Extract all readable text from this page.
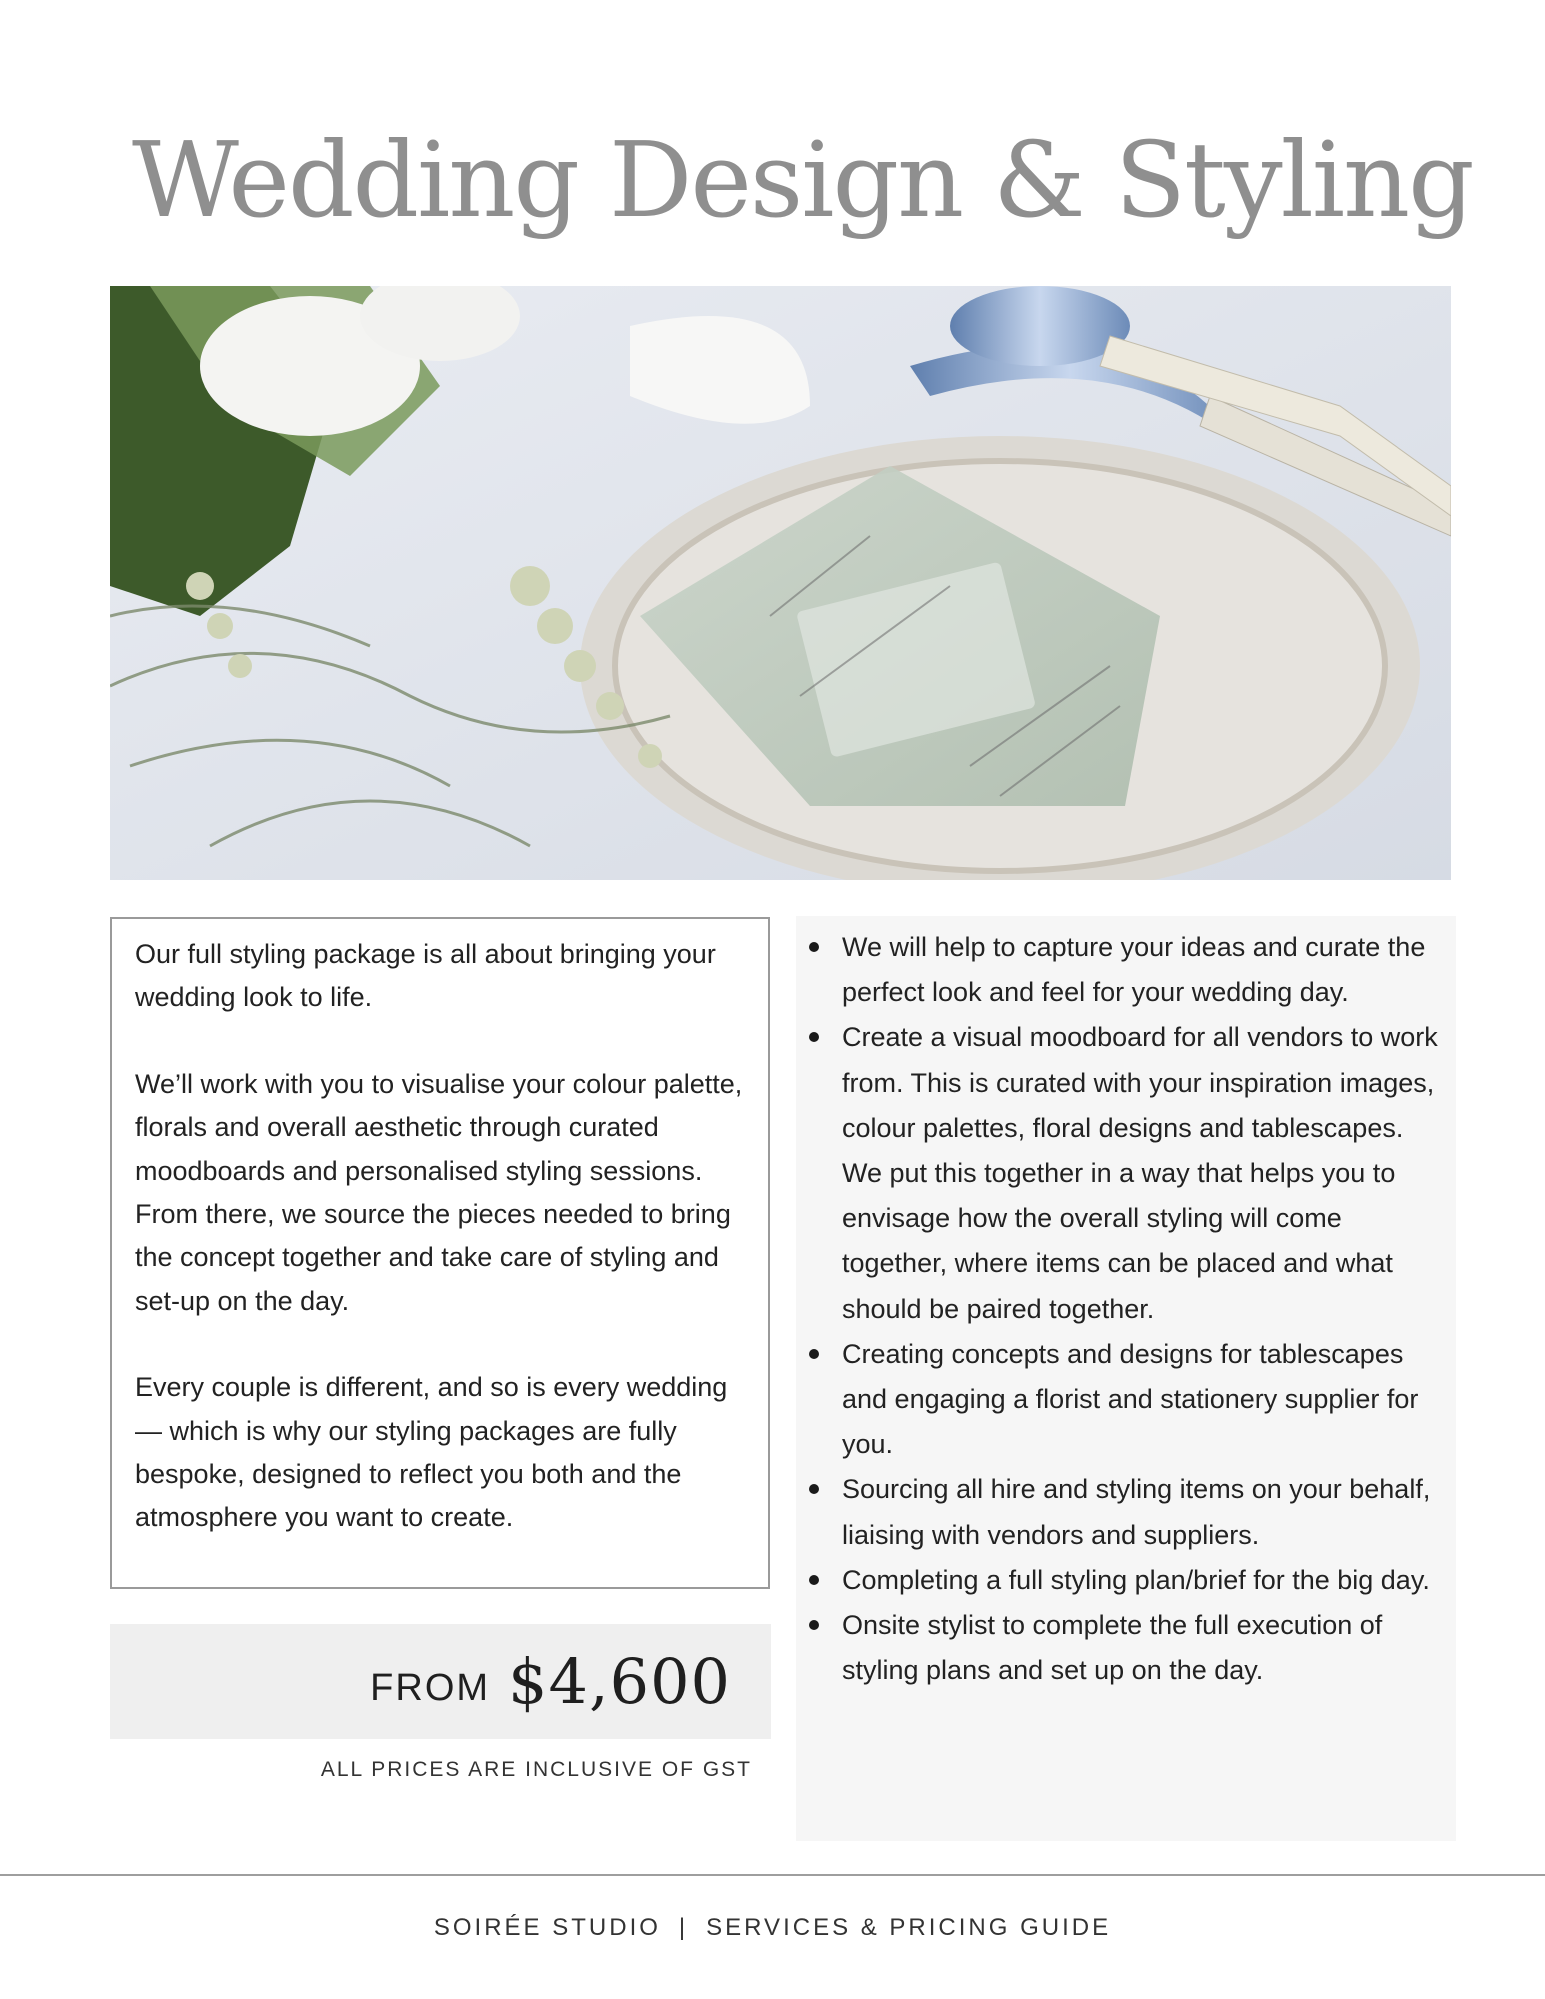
Wedding Design & Styling

Our full styling package is all about bringing your wedding look to life.

We’ll work with you to visualise your colour palette, florals and overall aesthetic through curated moodboards and personalised styling sessions. From there, we source the pieces needed to bring the concept together and take care of styling and set-up on the day.

Every couple is different, and so is every wedding — which is why our styling packages are fully bespoke, designed to reflect you both and the atmosphere you want to create.

FROM $4,600
ALL PRICES ARE INCLUSIVE OF GST
We will help to capture your ideas and curate the perfect look and feel for your wedding day.
Create a visual moodboard for all vendors to work from. This is curated with your inspiration images, colour palettes, floral designs and tablescapes. We put this together in a way that helps you to envisage how the overall styling will come together, where items can be placed and what should be paired together.
Creating concepts and designs for tablescapes and engaging a florist and stationery supplier for you.
Sourcing all hire and styling items on your behalf, liaising with vendors and suppliers.
Completing a full styling plan/brief for the big day.
Onsite stylist to complete the full execution of styling plans and set up on the day.
SOIRÉE STUDIO | SERVICES & PRICING GUIDE
